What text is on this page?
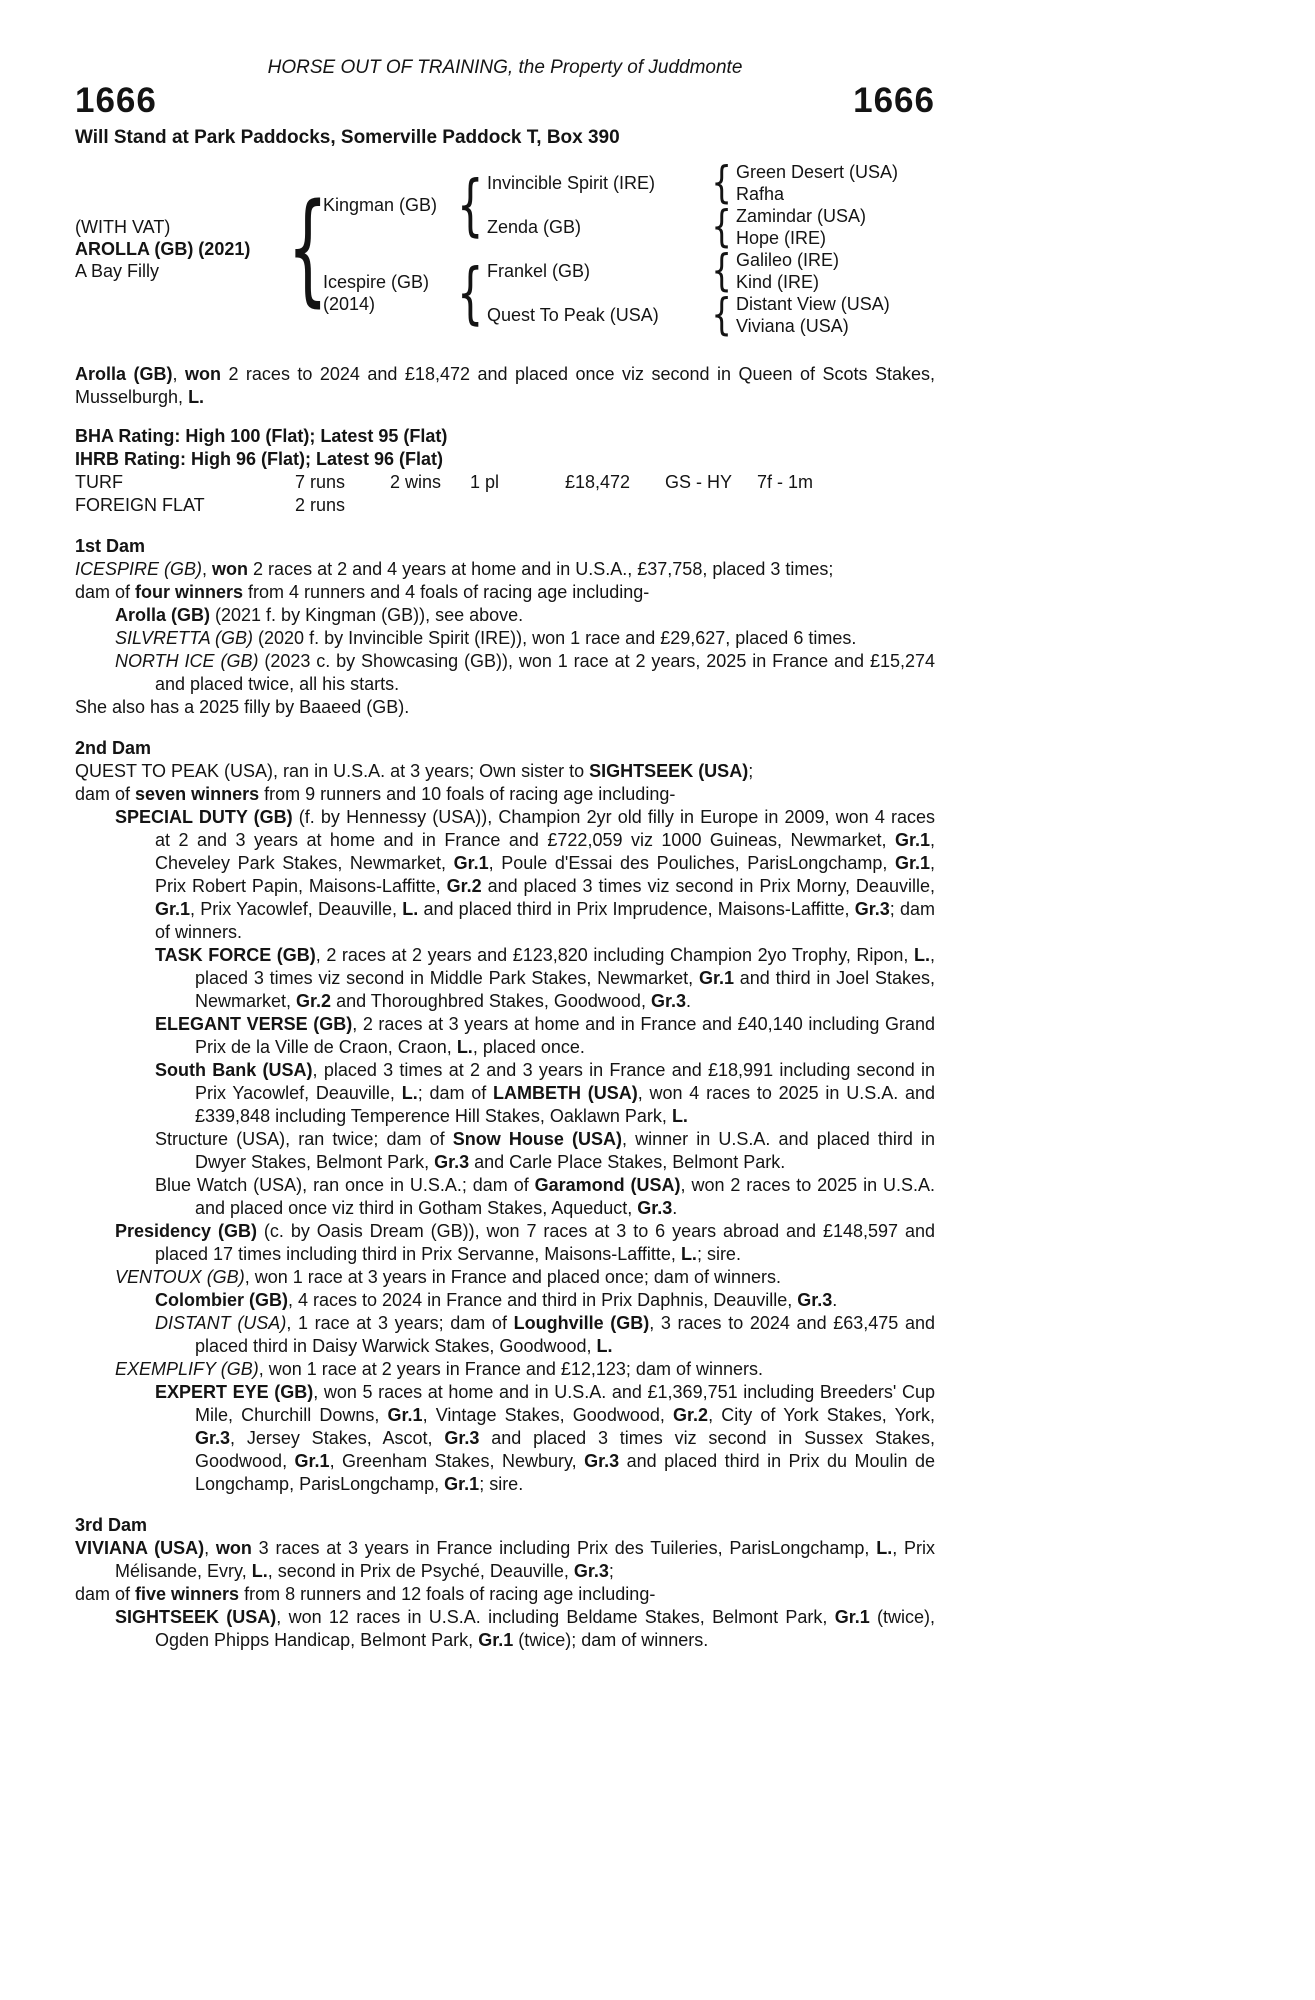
HORSE OUT OF TRAINING, the Property of Juddmonte
1666	1666
Will Stand at Park Paddocks, Somerville Paddock T, Box 390
(WITH VAT)
AROLLA (GB) (2021)
A Bay Filly	{
Kingman (GB)
Icespire (GB)
(2014)
{
{
Invincible Spirit (IRE)
Zenda (GB)
Frankel (GB)
Quest To Peak (USA)
{
{
{
{
Green Desert (USA)
Rafha
Zamindar (USA)
Hope (IRE)
Galileo (IRE)
Kind (IRE)
Distant View (USA)
Viviana (USA)

Arolla (GB), won 2 races to 2024 and £18,472 and placed once viz second in Queen of Scots Stakes, Musselburgh, L.

BHA Rating: High 100 (Flat); Latest 95 (Flat)

IHRB Rating: High 96 (Flat); Latest 96 (Flat)

TURF	7 runs	2 wins	1 pl	£18,472	GS - HY	7f - 1m
FOREIGN FLAT	2 runs
1st Dam

ICESPIRE (GB), won 2 races at 2 and 4 years at home and in U.S.A., £37,758, placed 3 times;

dam of four winners from 4 runners and 4 foals of racing age including-

Arolla (GB) (2021 f. by Kingman (GB)), see above.

SILVRETTA (GB) (2020 f. by Invincible Spirit (IRE)), won 1 race and £29,627, placed 6 times.

NORTH ICE (GB) (2023 c. by Showcasing (GB)), won 1 race at 2 years, 2025 in France and £15,274 and placed twice, all his starts.

She also has a 2025 filly by Baaeed (GB).

2nd Dam

QUEST TO PEAK (USA), ran in U.S.A. at 3 years; Own sister to SIGHTSEEK (USA);

dam of seven winners from 9 runners and 10 foals of racing age including-

SPECIAL DUTY (GB) (f. by Hennessy (USA)), Champion 2yr old filly in Europe in 2009, won 4 races at 2 and 3 years at home and in France and £722,059 viz 1000 Guineas, Newmarket, Gr.1, Cheveley Park Stakes, Newmarket, Gr.1, Poule d'Essai des Pouliches, ParisLongchamp, Gr.1, Prix Robert Papin, Maisons-Laffitte, Gr.2 and placed 3 times viz second in Prix Morny, Deauville, Gr.1, Prix Yacowlef, Deauville, L. and placed third in Prix Imprudence, Maisons-Laffitte, Gr.3; dam of winners.

TASK FORCE (GB), 2 races at 2 years and £123,820 including Champion 2yo Trophy, Ripon, L., placed 3 times viz second in Middle Park Stakes, Newmarket, Gr.1 and third in Joel Stakes, Newmarket, Gr.2 and Thoroughbred Stakes, Goodwood, Gr.3.

ELEGANT VERSE (GB), 2 races at 3 years at home and in France and £40,140 including Grand Prix de la Ville de Craon, Craon, L., placed once.

South Bank (USA), placed 3 times at 2 and 3 years in France and £18,991 including second in Prix Yacowlef, Deauville, L.; dam of LAMBETH (USA), won 4 races to 2025 in U.S.A. and £339,848 including Temperence Hill Stakes, Oaklawn Park, L.

Structure (USA), ran twice; dam of Snow House (USA), winner in U.S.A. and placed third in Dwyer Stakes, Belmont Park, Gr.3 and Carle Place Stakes, Belmont Park.

Blue Watch (USA), ran once in U.S.A.; dam of Garamond (USA), won 2 races to 2025 in U.S.A. and placed once viz third in Gotham Stakes, Aqueduct, Gr.3.

Presidency (GB) (c. by Oasis Dream (GB)), won 7 races at 3 to 6 years abroad and £148,597 and placed 17 times including third in Prix Servanne, Maisons-Laffitte, L.; sire.

VENTOUX (GB), won 1 race at 3 years in France and placed once; dam of winners.

Colombier (GB), 4 races to 2024 in France and third in Prix Daphnis, Deauville, Gr.3.

DISTANT (USA), 1 race at 3 years; dam of Loughville (GB), 3 races to 2024 and £63,475 and placed third in Daisy Warwick Stakes, Goodwood, L.

EXEMPLIFY (GB), won 1 race at 2 years in France and £12,123; dam of winners.

EXPERT EYE (GB), won 5 races at home and in U.S.A. and £1,369,751 including Breeders' Cup Mile, Churchill Downs, Gr.1, Vintage Stakes, Goodwood, Gr.2, City of York Stakes, York, Gr.3, Jersey Stakes, Ascot, Gr.3 and placed 3 times viz second in Sussex Stakes, Goodwood, Gr.1, Greenham Stakes, Newbury, Gr.3 and placed third in Prix du Moulin de Longchamp, ParisLongchamp, Gr.1; sire.

3rd Dam

VIVIANA (USA), won 3 races at 3 years in France including Prix des Tuileries, ParisLongchamp, L., Prix Mélisande, Evry, L., second in Prix de Psyché, Deauville, Gr.3;

dam of five winners from 8 runners and 12 foals of racing age including-

SIGHTSEEK (USA), won 12 races in U.S.A. including Beldame Stakes, Belmont Park, Gr.1 (twice), Ogden Phipps Handicap, Belmont Park, Gr.1 (twice); dam of winners.
